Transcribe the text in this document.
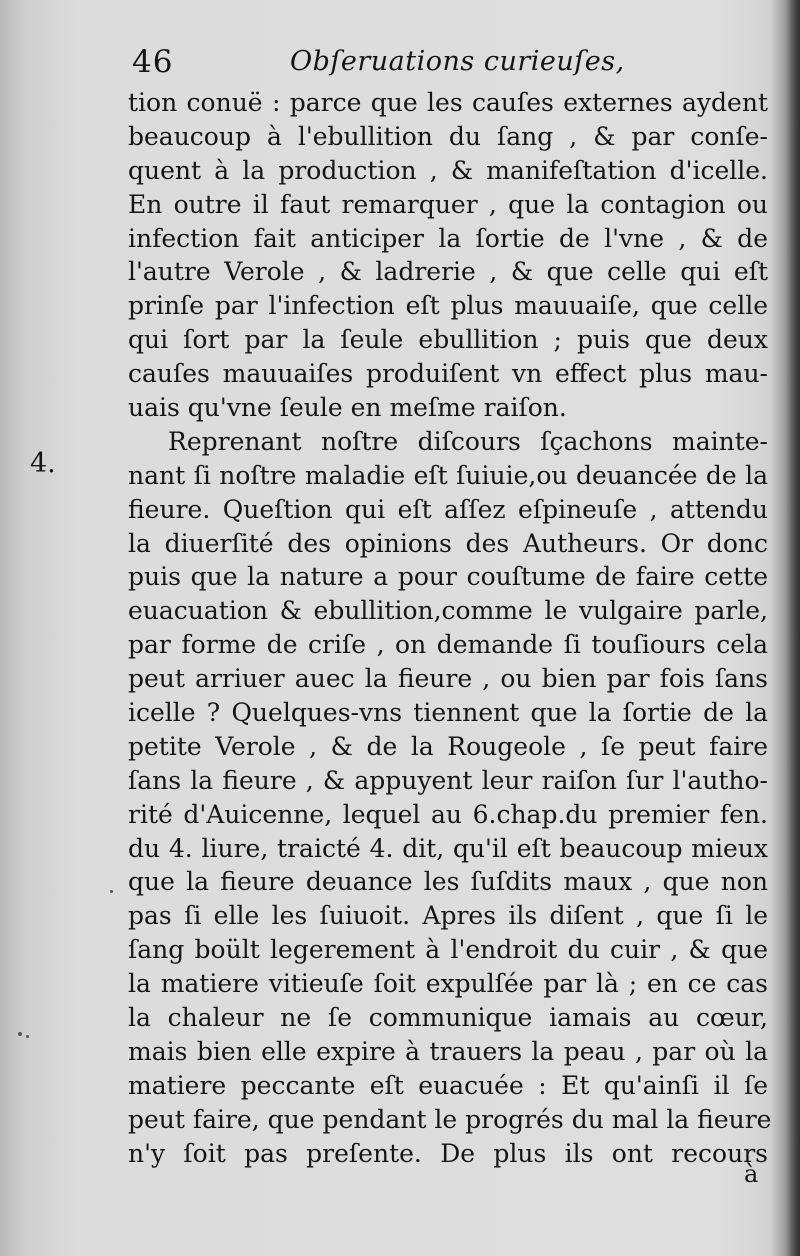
46	Obſeruations curieuſes,
4.
tion conuë : parce que les cauſes externes aydent
beaucoup à l'ebullition du ſang , & par conſe-
quent à la production , & manifeſtation d'icelle.
En outre il faut remarquer , que la contagion ou
infection fait anticiper la ſortie de l'vne , & de
l'autre Verole , & ladrerie , & que celle qui eſt
prinſe par l'infection eſt plus mauuaiſe, que celle
qui ſort par la ſeule ebullition ; puis que deux
cauſes mauuaiſes produiſent vn effect plus mau-
uais qu'vne ſeule en meſme raiſon.
Reprenant noſtre diſcours ſçachons mainte-
nant ſi noſtre maladie eſt ſuiuie,ou deuancée de la
fieure. Queſtion qui eſt aſſez eſpineuſe , attendu
la diuerſité des opinions des Autheurs. Or donc
puis que la nature a pour couſtume de faire cette
euacuation & ebullition,comme le vulgaire parle,
par forme de criſe , on demande ſi touſiours cela
peut arriuer auec la fieure , ou bien par fois ſans
icelle ? Quelques-vns tiennent que la ſortie de la
petite Verole , & de la Rougeole , ſe peut faire
ſans la fieure , & appuyent leur raiſon ſur l'autho-
rité d'Auicenne, lequel au 6.chap.du premier fen.
du 4. liure, traicté 4. dit, qu'il eſt beaucoup mieux
que la fieure deuance les ſuſdits maux , que non
pas ſi elle les ſuiuoit. Apres ils diſent , que ſi le
ſang boült legerement à l'endroit du cuir , & que
la matiere vitieuſe ſoit expulſée par là ; en ce cas
la chaleur ne ſe communique iamais au cœur,
mais bien elle expire à trauers la peau , par où la
matiere peccante eſt euacuée : Et qu'ainſi il ſe
peut faire, que pendant le progrés du mal la fieure
n'y ſoit pas preſente. De plus ils ont recours
à
